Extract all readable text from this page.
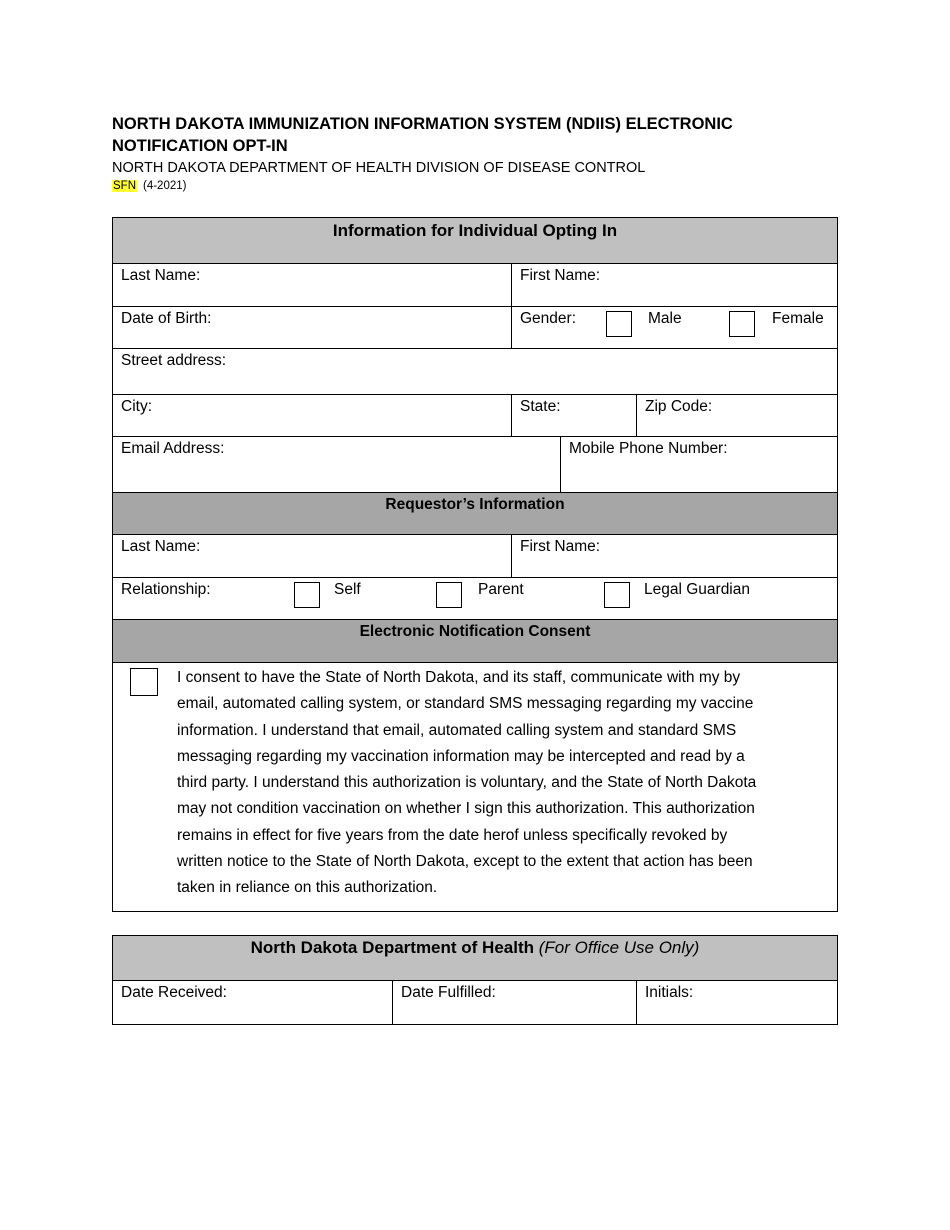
NORTH DAKOTA IMMUNIZATION INFORMATION SYSTEM (NDIIS) ELECTRONIC
NOTIFICATION OPT-IN
NORTH DAKOTA DEPARTMENT OF HEALTH DIVISION OF DISEASE CONTROL
SFN (4-2021)
Information for Individual Opting In
Last Name:	First Name:
Date of Birth:	Gender:	Male	Female
Street address:
City:	State:	Zip Code:
Email Address:	Mobile Phone Number:
Requestor’s Information
Last Name:	First Name:
Relationship:	Self	Parent	Legal Guardian
Electronic Notification Consent
I consent to have the State of North Dakota, and its staff, communicate with my by
email, automated calling system, or standard SMS messaging regarding my vaccine
information. I understand that email, automated calling system and standard SMS
messaging regarding my vaccination information may be intercepted and read by a
third party. I understand this authorization is voluntary, and the State of North Dakota
may not condition vaccination on whether I sign this authorization. This authorization
remains in effect for five years from the date herof unless specifically revoked by
written notice to the State of North Dakota, except to the extent that action has been
taken in reliance on this authorization.
North Dakota Department of Health (For Office Use Only)
Date Received:	Date Fulfilled:	Initials:
